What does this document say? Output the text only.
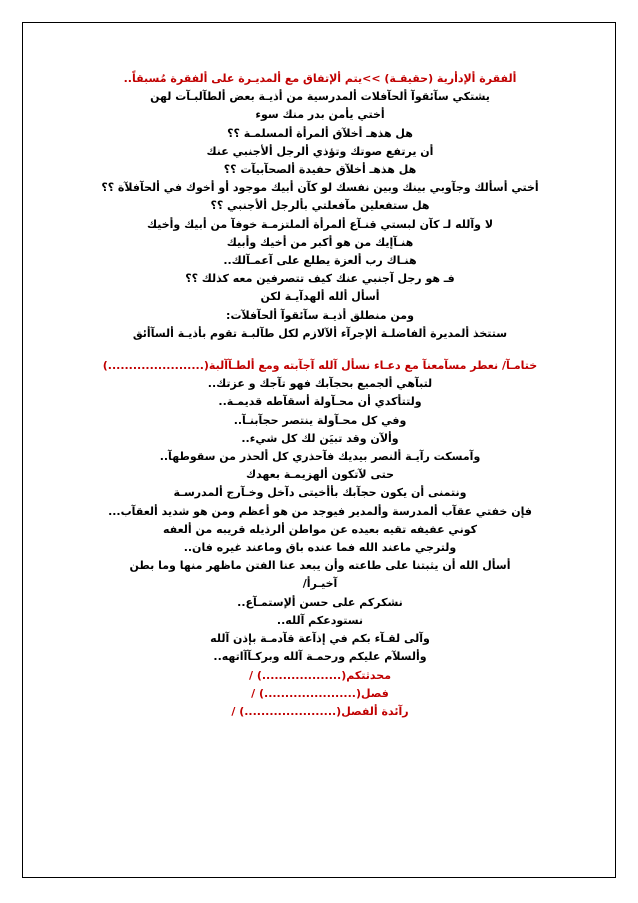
ألفقرة ألإدأرية (حقيقـة) >>يتم ألإتفاق مع ألمديـرة على ألفقرة مُسبقاً..
يشتكي سآئقوآ ألحآفلات ألمدرسية من أذيـة بعض ألطآلبـآت لهن
أختي يأمن بدر منك سوء
هل هذهـ أخلآق ألمرأة ألمسلمـة ؟؟
أن يرتفع صوتك وتؤذي ألرجل ألأجنبي عنك
هل هذهـ أخلآق حفيدة ألصحآبيآت ؟؟
أختي أسألك وجآوبي بينك وبين نفسك لو كآن أبيك موجود أو أخوك في ألحآفلآة ؟؟
هل ستفعلين مآفعلتي بألرجل ألأجنبي ؟؟
لا وآلله لـ كآن لبستي قنـآع ألمرأة ألملتزمـة خوفآ من أبيك وأخيك
هنـآإيك من هو أكبر من أخيك وأبيك
هنـاك رب ألعزة يطلع على آعمـآلك..
فـ هو رجل آجنبي عنك كيف تتصرفين معه كذلك ؟؟
أسأل ألله ألهدآيـة لكن
ومن منطلق أذيـة سآئقوآ ألحآفلآت:
ستتخذ ألمديرة ألفاضلـة ألإجرآء ألآلازم لكل طآلبـة تقوم بأذيـة ألسآأئق
ختامـآ/ نعطر مسآمعنآ مع دعـاء نسأل آلله آجآبته ومع ألطـآآلبة(.......................)
لتبآهي ألجميع بحجآبك فهو تآجك و عزتك..
ولتتأكدي أن محـآولة أسقآطه قديمـة..
وفي كل محـآولة ينتصر حجآبنـآ..
وألآن وقد تبيَن لك كل شيء..
وآمسكت رآيـة ألنصر بيديك فآحذري كل ألحذر من سقوطهآ..
حتى لآتكون ألهزيمـة بعهدك
ونتمنى أن يكون حجآبك بأأخيتى دآخل وخـآرج ألمدرسـة
فإن خفتي عقآب ألمدرسة وألمدير فيوجد من هو أعظم ومن هو شديد ألعقآب...
كوني عفيفه تقيه بعيده عن مواطن ألرذيله قريبه من ألعفه
ولترجي ماعند الله فما عنده باق وماعند غيره فان..
أسأل الله أن يثبتنا على طاعته وأن يبعد عنا الفتن ماظهر منها وما بطن
آخيـرأ/
نشكركم على حسن ألإستمـآع..
نستودعكم آلله..
وآلى لقـآء بكم في إذآعة قآدمـة بإذن آلله
وألسلآم عليكم ورحمـة آلله وبركـآآاتهه..
محدثتكم(...................) /
فصل(......................) /
رآئدة ألفصل(......................) /
